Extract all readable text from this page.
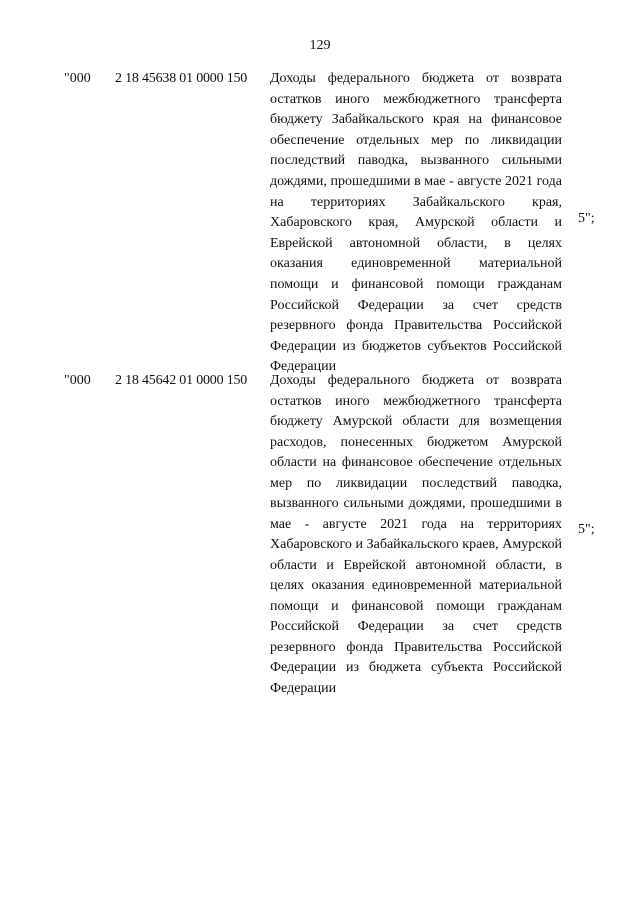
129
"000 2 18 45638 01 0000 150 Доходы федерального бюджета от возврата остатков иного межбюджетного трансферта бюджету Забайкальского края на финансовое обеспечение отдельных мер по ликвидации последствий паводка, вызванного сильными дождями, прошедшими в мае - августе 2021 года на территориях Забайкальского края, Хабаровского края, Амурской области и Еврейской автономной области, в целях оказания единовременной материальной помощи и финансовой помощи гражданам Российской Федерации за счет средств резервного фонда Правительства Российской Федерации из бюджетов субъектов Российской Федерации

5";
"000 2 18 45642 01 0000 150 Доходы федерального бюджета от возврата остатков иного межбюджетного трансферта бюджету Амурской области для возмещения расходов, понесенных бюджетом Амурской области на финансовое обеспечение отдельных мер по ликвидации последствий паводка, вызванного сильными дождями, прошедшими в мае - августе 2021 года на территориях Хабаровского и Забайкальского краев, Амурской области и Еврейской автономной области, в целях оказания единовременной материальной помощи и финансовой помощи гражданам Российской Федерации за счет средств резервного фонда Правительства Российской Федерации из бюджета субъекта Российской Федерации

5";
